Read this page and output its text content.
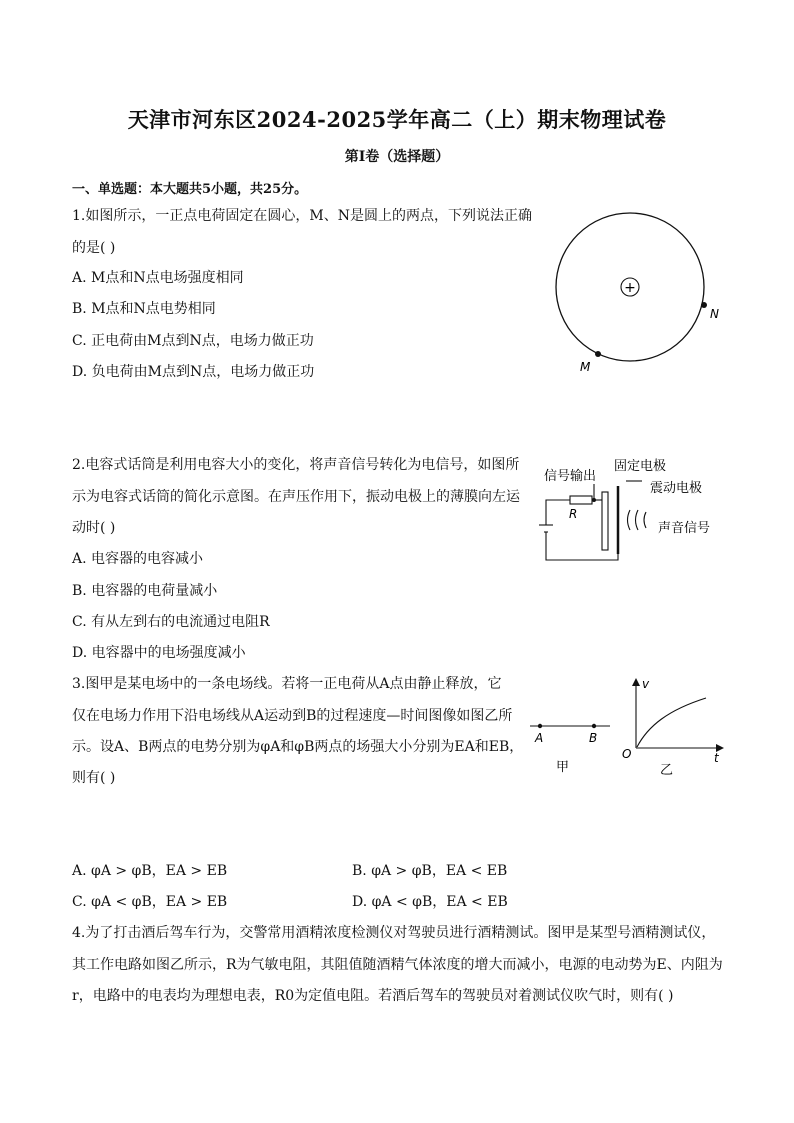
天津市河东区2024-2025学年高二（上）期末物理试卷
第I卷（选择题）
一、单选题：本大题共5小题，共25分。
1.如图所示，一正点电荷固定在圆心，M、N是圆上的两点，下列说法正确
的是( )
A. M点和N点电场强度相同
B. M点和N点电势相同
C. 正电荷由M点到N点，电场力做正功
D. 负电荷由M点到N点，电场力做正功
+
N
M
2.电容式话筒是利用电容大小的变化，将声音信号转化为电信号，如图所
示为电容式话筒的简化示意图。在声压作用下，振动电极上的薄膜向左运
动时( )
A. 电容器的电容减小
B. 电容器的电荷量减小
C. 有从左到右的电流通过电阻R
D. 电容器中的电场强度减小
信号输出
固定电极
震动电极
声音信号
R
3.图甲是某电场中的一条电场线。若将一正电荷从A点由静止释放，它
仅在电场力作用下沿电场线从A运动到B的过程速度—时间图像如图乙所
示。设A、B两点的电势分别为φA和φB两点的场强大小分别为EA和EB，
则有( )
A	B
甲
v
t
O
乙
A. φA > φB，EA > EB	B. φA > φB，EA < EB
C. φA < φB，EA > EB	D. φA < φB，EA < EB
4.为了打击酒后驾车行为，交警常用酒精浓度检测仪对驾驶员进行酒精测试。图甲是某型号酒精测试仪，
其工作电路如图乙所示，R为气敏电阻，其阻值随酒精气体浓度的增大而减小，电源的电动势为E、内阻为
r，电路中的电表均为理想电表，R0为定值电阻。若酒后驾车的驾驶员对着测试仪吹气时，则有( )
